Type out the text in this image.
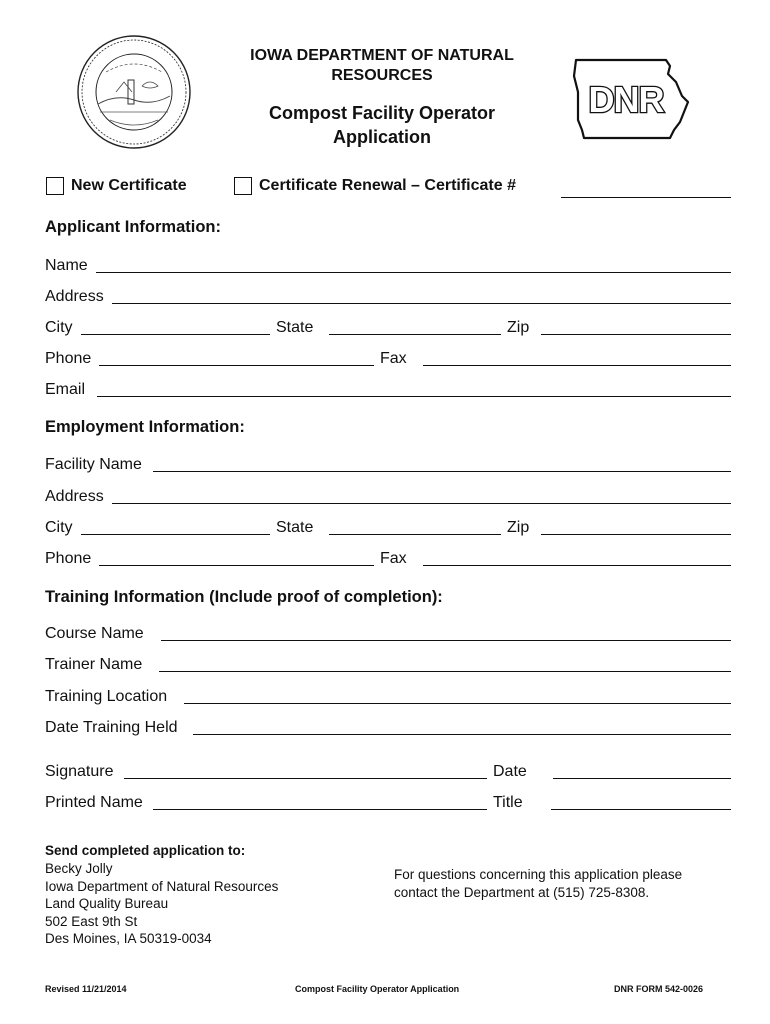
IOWA DEPARTMENT OF NATURAL
RESOURCES
Compost Facility Operator
Application
DNR
New Certificate	Certificate Renewal – Certificate #
Applicant Information:
Name
Address
City	State	Zip
Phone	Fax
Email
Employment Information:
Facility Name
Address
City	State	Zip
Phone	Fax
Training Information (Include proof of completion):
Course Name
Trainer Name
Training Location
Date Training Held
Signature	Date
Printed Name	Title
Send completed application to:
Becky Jolly
Iowa Department of Natural Resources
Land Quality Bureau
502 East 9th St
Des Moines, IA 50319-0034
For questions concerning this application please
contact the Department at (515) 725-8308.
Revised 11/21/2014	Compost Facility Operator Application	DNR FORM 542-0026
